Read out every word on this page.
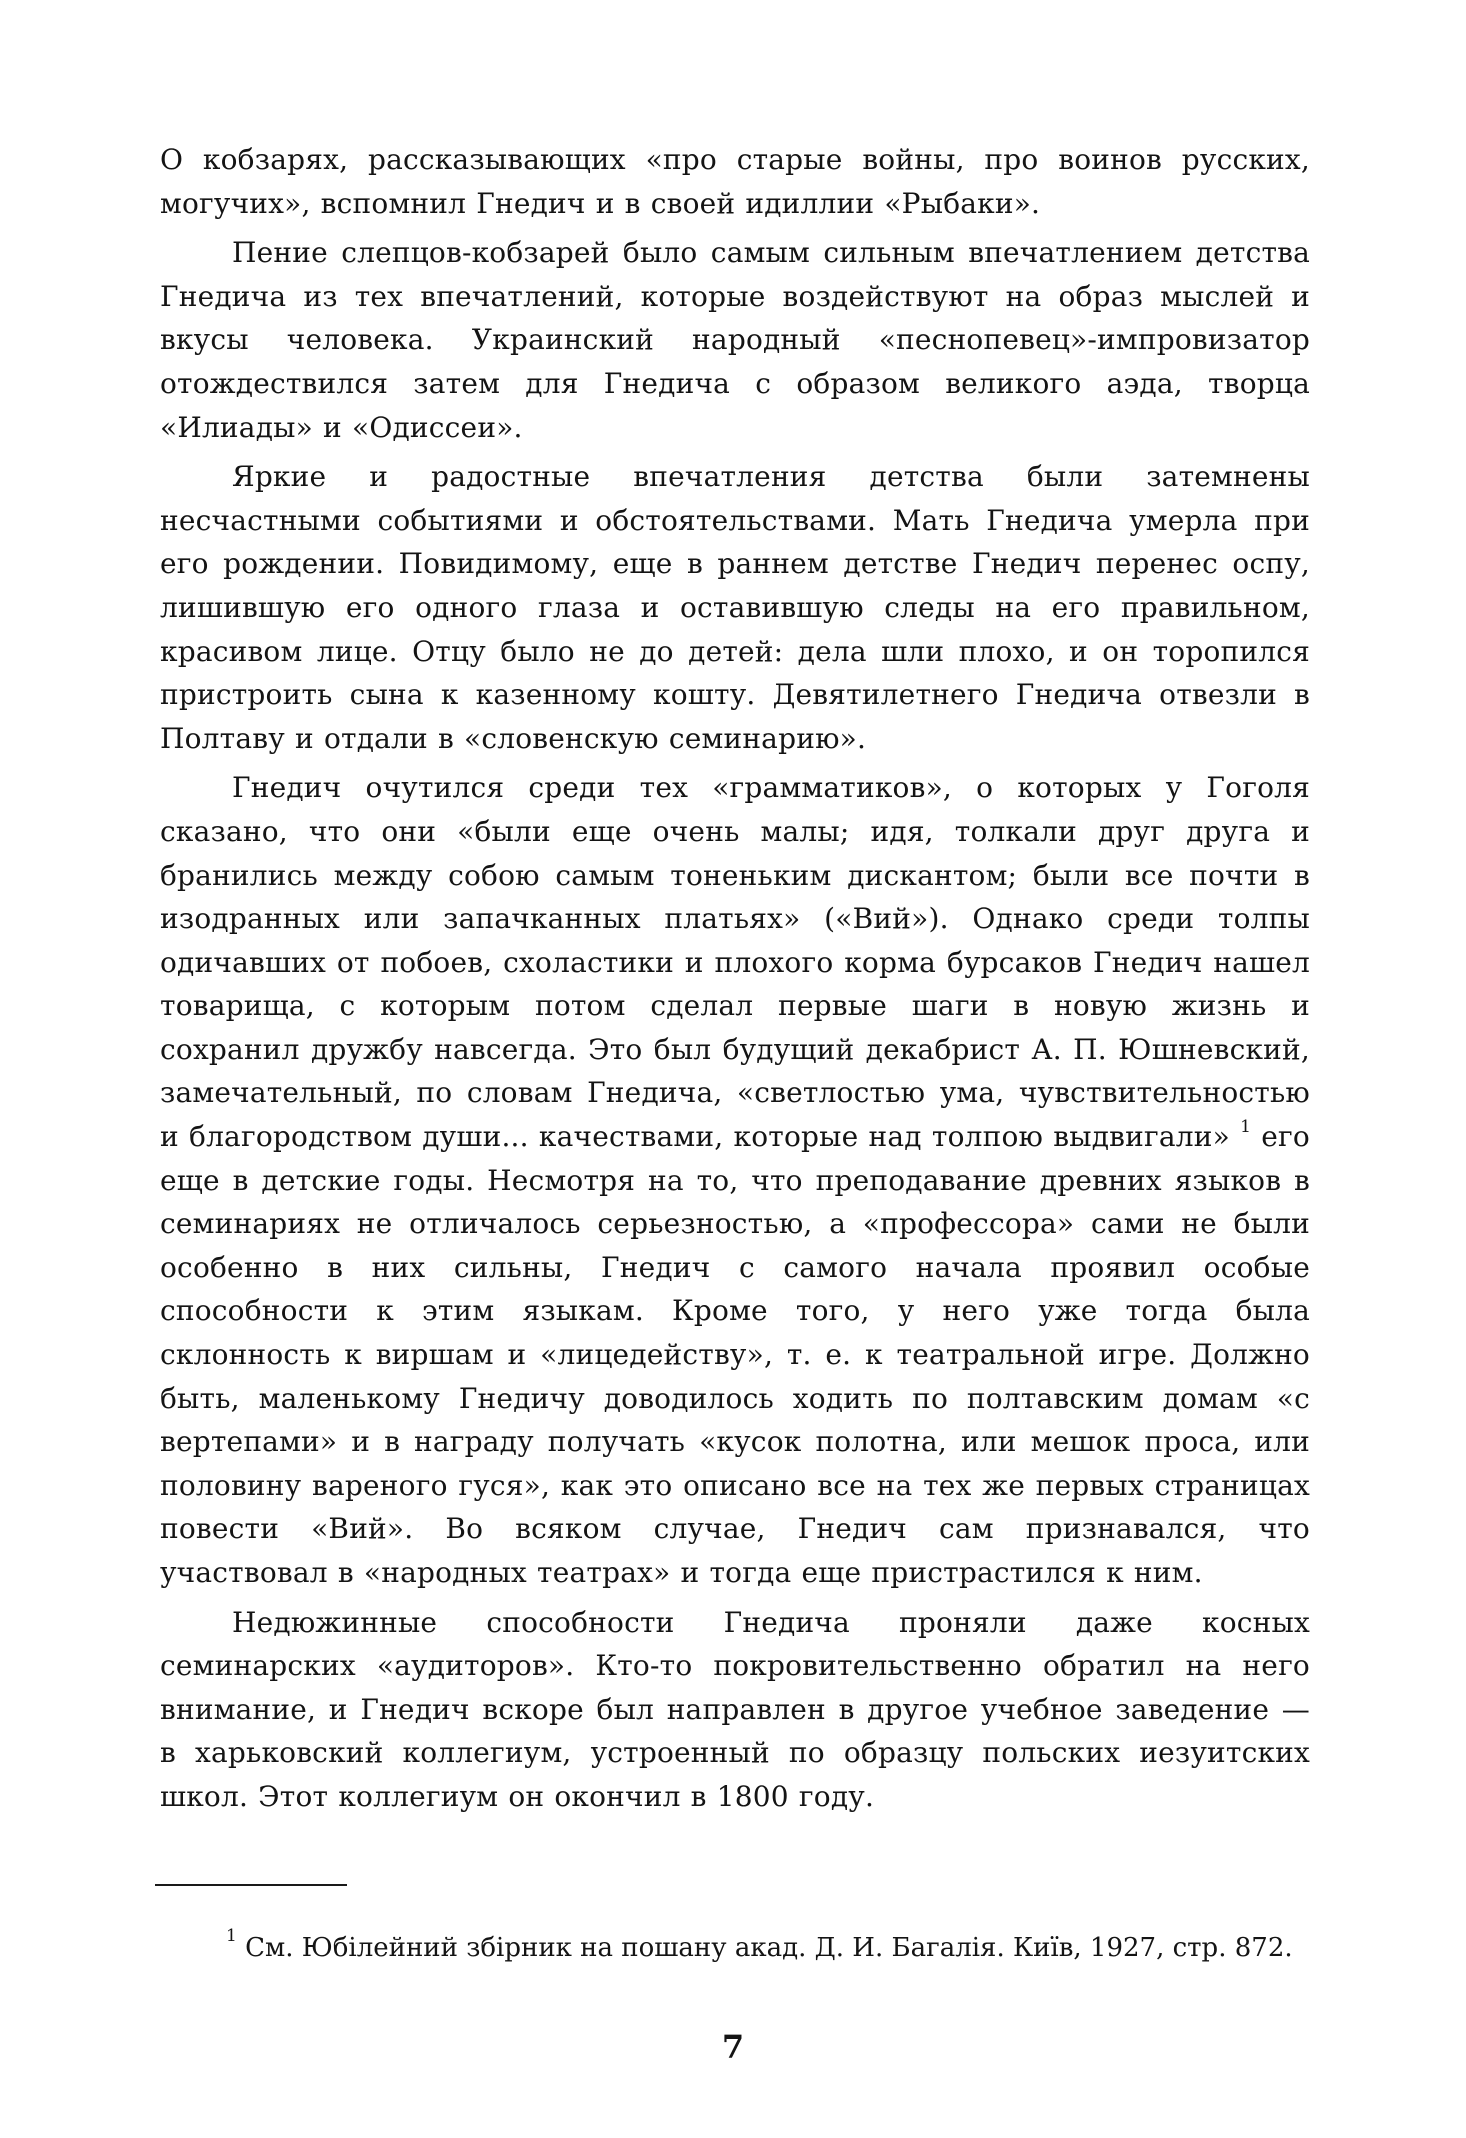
О кобзарях, рассказывающих «про старые войны, про воинов русских, могучих», вспомнил Гнедич и в своей идиллии «Рыбаки».

Пение слепцов-кобзарей было самым сильным впечатлением детства Гнедича из тех впечатлений, которые воздействуют на образ мыслей и вкусы человека. Украинский народный «песнопевец»-импровизатор отождествился затем для Гнедича с образом великого аэда, творца «Илиады» и «Одиссеи».

Яркие и радостные впечатления детства были затемнены несчастными событиями и обстоятельствами. Мать Гнедича умерла при его рождении. Повидимому, еще в раннем детстве Гнедич перенес оспу, лишившую его одного глаза и оставившую следы на его правильном, красивом лице. Отцу было не до детей: дела шли плохо, и он торопился пристроить сына к казенному кошту. Девятилетнего Гнедича отвезли в Полтаву и отдали в «словенскую семинарию».

Гнедич очутился среди тех «грамматиков», о которых у Гоголя сказано, что они «были еще очень малы; идя, толкали друг друга и бранились между собою самым тоненьким дискантом; были все почти в изодранных или запачканных платьях» («Вий»). Однако среди толпы одичавших от побоев, схоластики и плохого корма бурсаков Гнедич нашел товарища, с которым потом сделал первые шаги в новую жизнь и сохранил дружбу навсегда. Это был будущий декабрист А. П. Юшневский, замечательный, по словам Гнедича, «светлостью ума, чувствительностью и благородством души... качествами, которые над толпою выдвигали» $^1$ его еще в детские годы. Несмотря на то, что преподавание древних языков в семинариях не отличалось серьезностью, а «профессора» сами не были особенно в них сильны, Гнедич с самого начала проявил особые способности к этим языкам. Кроме того, у него уже тогда была склонность к виршам и «лицедейству», т. е. к театральной игре. Должно быть, маленькому Гнедичу доводилось ходить по полтавским домам «с вертепами» и в награду получать «кусок полотна, или мешок проса, или половину вареного гуся», как это описано все на тех же первых страницах повести «Вий». Во всяком случае, Гнедич сам признавался, что участвовал в «народных театрах» и тогда еще пристрастился к ним.

Недюжинные способности Гнедича проняли даже косных семинарских «аудиторов». Кто-то покровительственно обратил на него внимание, и Гнедич вскоре был направлен в другое учебное заведение — в харьковский коллегиум, устроенный по образцу польских иезуитских школ. Этот коллегиум он окончил в 1800 году.

$^1$ См. Юбілейний збірник на пошану акад. Д. И. Багалія. Київ, 1927, стр. 872.

7
